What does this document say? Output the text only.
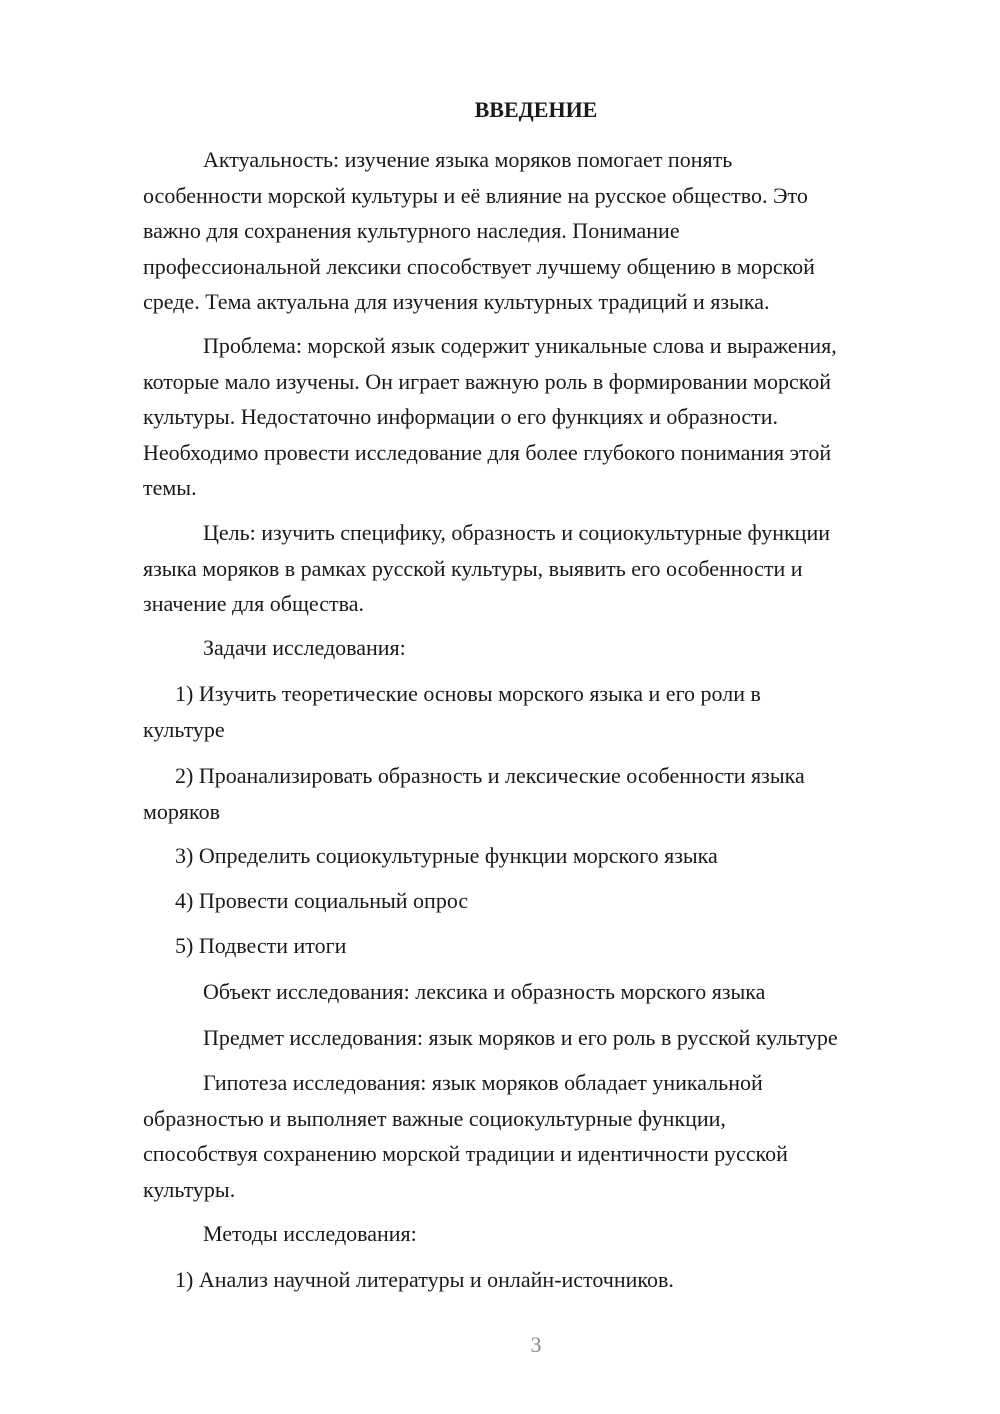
ВВЕДЕНИЕ

Актуальность: изучение языка моряков помогает понять
особенности морской культуры и её влияние на русское общество. Это
важно для сохранения культурного наследия. Понимание
профессиональной лексики способствует лучшему общению в морской
среде. Тема актуальна для изучения культурных традиций и языка.
Проблема: морской язык содержит уникальные слова и выражения,
которые мало изучены. Он играет важную роль в формировании морской
культуры. Недостаточно информации о его функциях и образности.
Необходимо провести исследование для более глубокого понимания этой
темы.
Цель: изучить специфику, образность и социокультурные функции
языка моряков в рамках русской культуры, выявить его особенности и
значение для общества.
Задачи исследования:
1) Изучить теоретические основы морского языка и его роли в
культуре
2) Проанализировать образность и лексические особенности языка
моряков
3) Определить социокультурные функции морского языка
4) Провести социальный опрос
5) Подвести итоги
Объект исследования: лексика и образность морского языка
Предмет исследования: язык моряков и его роль в русской культуре
Гипотеза исследования: язык моряков обладает уникальной
образностью и выполняет важные социокультурные функции,
способствуя сохранению морской традиции и идентичности русской
культуры.
Методы исследования:
1) Анализ научной литературы и онлайн-источников.

3
